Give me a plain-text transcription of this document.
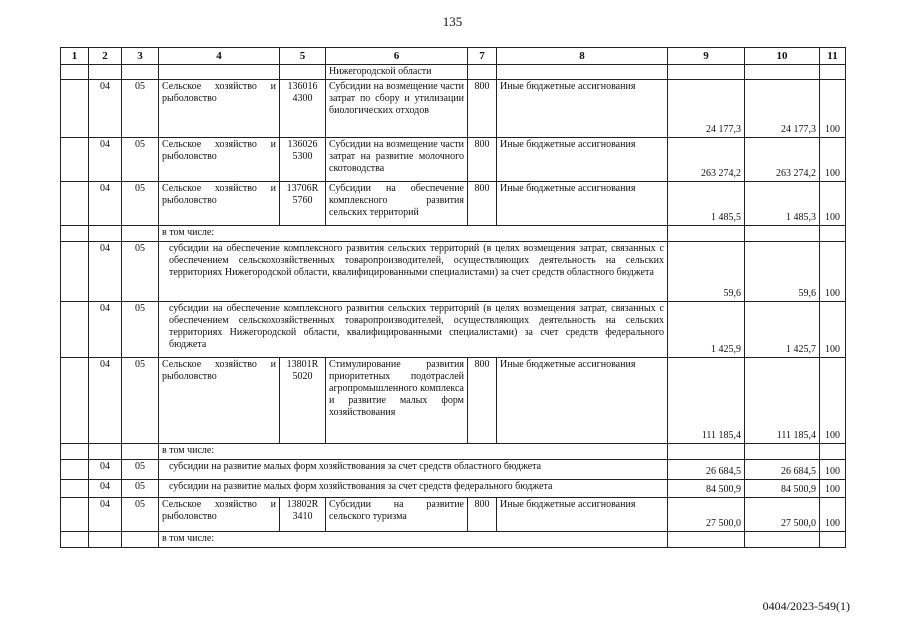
135
1	2	3	4	5	6	7	8	9	10	11
					Нижегородской области					
	04	05	Сельское хозяйство и рыболовство	136016 4300	Субсидии на возмещение части затрат по сбору и утилизации биологических отходов	800	Иные бюджетные ассигнования	24 177,3	24 177,3	100
	04	05	Сельское хозяйство и рыболовство	136026 5300	Субсидии на возмещение части затрат на развитие молочного скотоводства	800	Иные бюджетные ассигнования	263 274,2	263 274,2	100
	04	05	Сельское хозяйство и рыболовство	13706R 5760	Субсидии на обеспечение комплексного развития сельских территорий	800	Иные бюджетные ассигнования	1 485,5	1 485,3	100
			в том числе:							
	04	05	субсидии на обеспечение комплексного развития сельских территорий (в целях возмещения затрат, связанных с обеспечением сельскохозяйственных товаропроизводителей, осуществляющих деятельность на сельских территориях Нижегородской области, квалифицированными специалистами) за счет средств областного бюджета					59,6	59,6	100
	04	05	субсидии на обеспечение комплексного развития сельских территорий (в целях возмещения затрат, связанных с обеспечением сельскохозяйственных товаропроизводителей, осуществляющих деятельность на сельских территориях Нижегородской области, квалифицированными специалистами) за счет средств федерального бюджета					1 425,9	1 425,7	100
	04	05	Сельское хозяйство и рыболовство	13801R 5020	Стимулирование развития приоритетных подотраслей агропромышленного комплекса и развитие малых форм хозяйствования	800	Иные бюджетные ассигнования	111 185,4	111 185,4	100
			в том числе:							
	04	05	субсидии на развитие малых форм хозяйствования за счет средств областного бюджета					26 684,5	26 684,5	100
	04	05	субсидии на развитие малых форм хозяйствования за счет средств федерального бюджета					84 500,9	84 500,9	100
	04	05	Сельское хозяйство и рыболовство	13802R 3410	Субсидии на развитие сельского туризма	800	Иные бюджетные ассигнования	27 500,0	27 500,0	100
			в том числе:							
0404/2023-549(1)
